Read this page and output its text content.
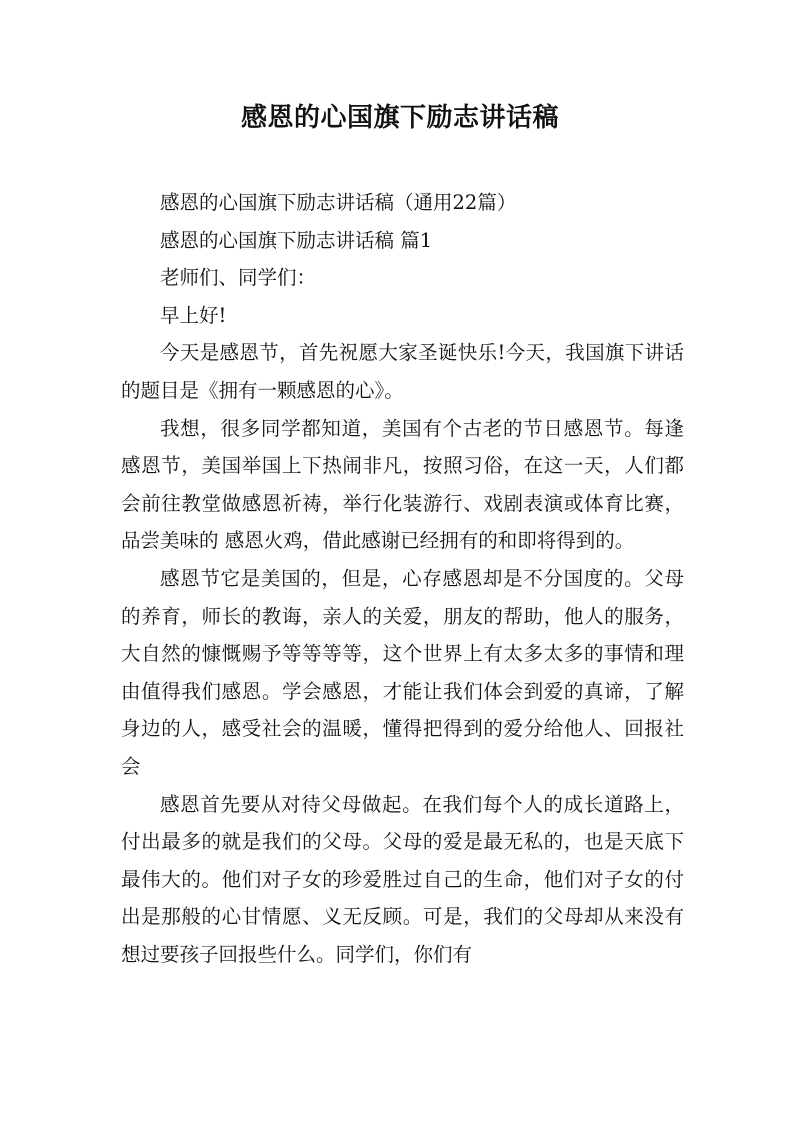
感恩的心国旗下励志讲话稿

感恩的心国旗下励志讲话稿（通用22篇）

感恩的心国旗下励志讲话稿 篇1

老师们、同学们：

早上好!

今天是感恩节，首先祝愿大家圣诞快乐!今天，我国旗下讲话的题目是《拥有一颗感恩的心》。

我想，很多同学都知道，美国有个古老的节日感恩节。每逢感恩节，美国举国上下热闹非凡，按照习俗，在这一天，人们都会前往教堂做感恩祈祷，举行化装游行、戏剧表演或体育比赛，品尝美味的 感恩火鸡，借此感谢已经拥有的和即将得到的。

感恩节它是美国的，但是，心存感恩却是不分国度的。父母的养育，师长的教诲，亲人的关爱，朋友的帮助，他人的服务，大自然的慷慨赐予等等等等，这个世界上有太多太多的事情和理由值得我们感恩。学会感恩，才能让我们体会到爱的真谛，了解身边的人，感受社会的温暖，懂得把得到的爱分给他人、回报社会

感恩首先要从对待父母做起。在我们每个人的成长道路上，付出最多的就是我们的父母。父母的爱是最无私的，也是天底下最伟大的。他们对子女的珍爱胜过自己的生命，他们对子女的付出是那般的心甘情愿、义无反顾。可是，我们的父母却从来没有想过要孩子回报些什么。同学们，你们有
